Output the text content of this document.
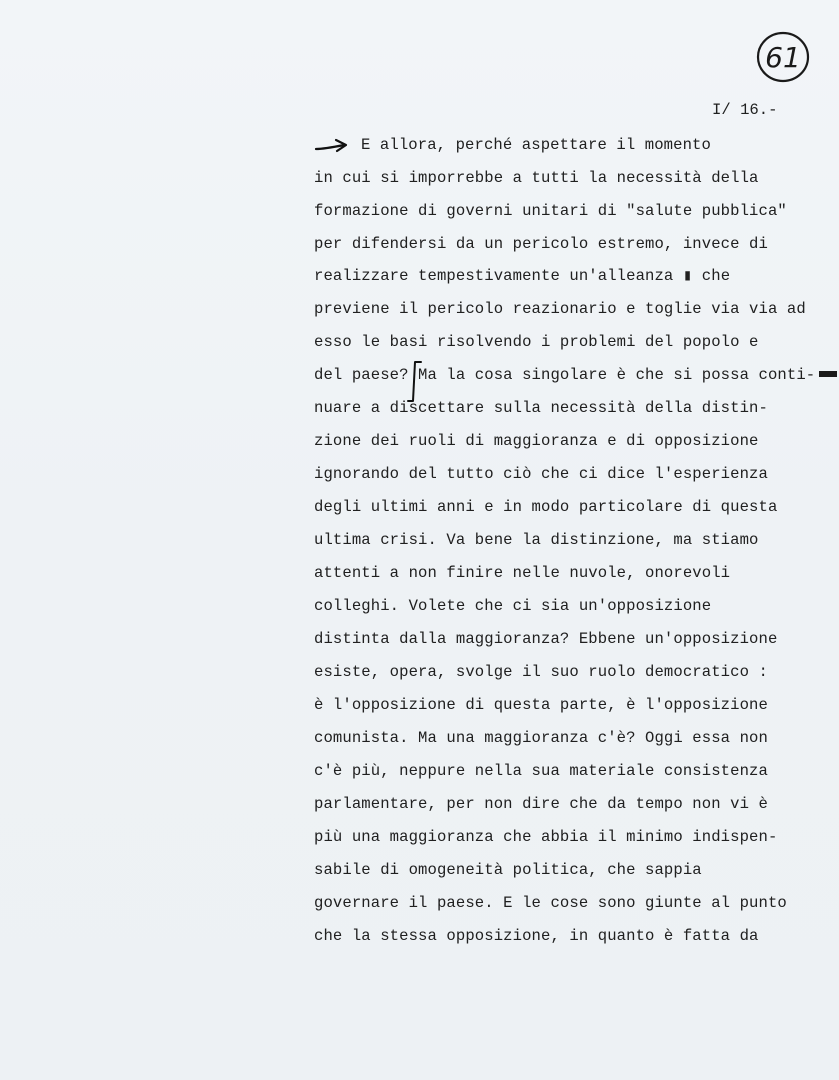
61
I/ 16.-
E allora, perché aspettare il momento
in cui si imporrebbe a tutti la necessità della
formazione di governi unitari di "salute pubblica"
per difendersi da un pericolo estremo, invece di
realizzare tempestivamente un'alleanza ▮ che
previene il pericolo reazionario e toglie via via ad
esso le basi risolvendo i problemi del popolo e
del paese? Ma la cosa singolare è che si possa conti-
nuare a discettare sulla necessità della distin-
zione dei ruoli di maggioranza e di opposizione
ignorando del tutto ciò che ci dice l'esperienza
degli ultimi anni e in modo particolare di questa
ultima crisi. Va bene la distinzione, ma stiamo
attenti a non finire nelle nuvole, onorevoli
colleghi. Volete che ci sia un'opposizione
distinta dalla maggioranza? Ebbene un'opposizione
esiste, opera, svolge il suo ruolo democratico :
è l'opposizione di questa parte, è l'opposizione
comunista. Ma una maggioranza c'è? Oggi essa non
c'è più, neppure nella sua materiale consistenza
parlamentare, per non dire che da tempo non vi è
più una maggioranza che abbia il minimo indispen-
sabile di omogeneità politica, che sappia
governare il paese. E le cose sono giunte al punto
che la stessa opposizione, in quanto è fatta da
